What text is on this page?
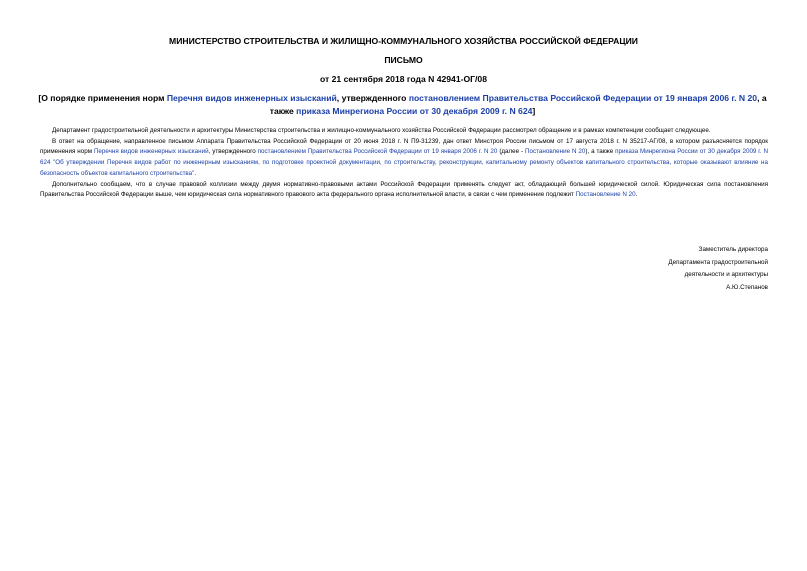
МИНИСТЕРСТВО СТРОИТЕЛЬСТВА И ЖИЛИЩНО-КОММУНАЛЬНОГО ХОЗЯЙСТВА РОССИЙСКОЙ ФЕДЕРАЦИИ
ПИСЬМО
от 21 сентября 2018 года N 42941-ОГ/08
[О порядке применения норм Перечня видов инженерных изысканий, утвержденного постановлением Правительства Российской Федерации от 19 января 2006 г. N 20, а также приказа Минрегиона России от 30 декабря 2009 г. N 624]

Департамент градостроительной деятельности и архитектуры Министерства строительства и жилищно-коммунального хозяйства Российской Федерации рассмотрел обращение и в рамках компетенции сообщает следующее.

В ответ на обращение, направленное письмом Аппарата Правительства Российской Федерации от 20 июня 2018 г. N П9-31239, дан ответ Минстроя России письмом от 17 августа 2018 г. N 35217-АГ/08, в котором разъясняется порядок применения норм Перечня видов инженерных изысканий, утвержденного постановлением Правительства Российской Федерации от 19 января 2006 г. N 20 (далее - Постановление N 20), а также приказа Минрегиона России от 30 декабря 2009 г. N 624 "Об утверждении Перечня видов работ по инженерным изысканиям, по подготовке проектной документации, по строительству, реконструкции, капитальному ремонту объектов капитального строительства, которые оказывают влияние на безопасность объектов капитального строительства".

Дополнительно сообщаем, что в случае правовой коллизии между двумя нормативно-правовыми актами Российской Федерации применять следует акт, обладающий большей юридической силой. Юридическая сила постановления Правительства Российской Федерации выше, чем юридическая сила нормативного правового акта федерального органа исполнительной власти, в связи с чем применение подлежит Постановление N 20.

Заместитель директора
Департамента градостроительной
деятельности и архитектуры
А.Ю.Степанов
